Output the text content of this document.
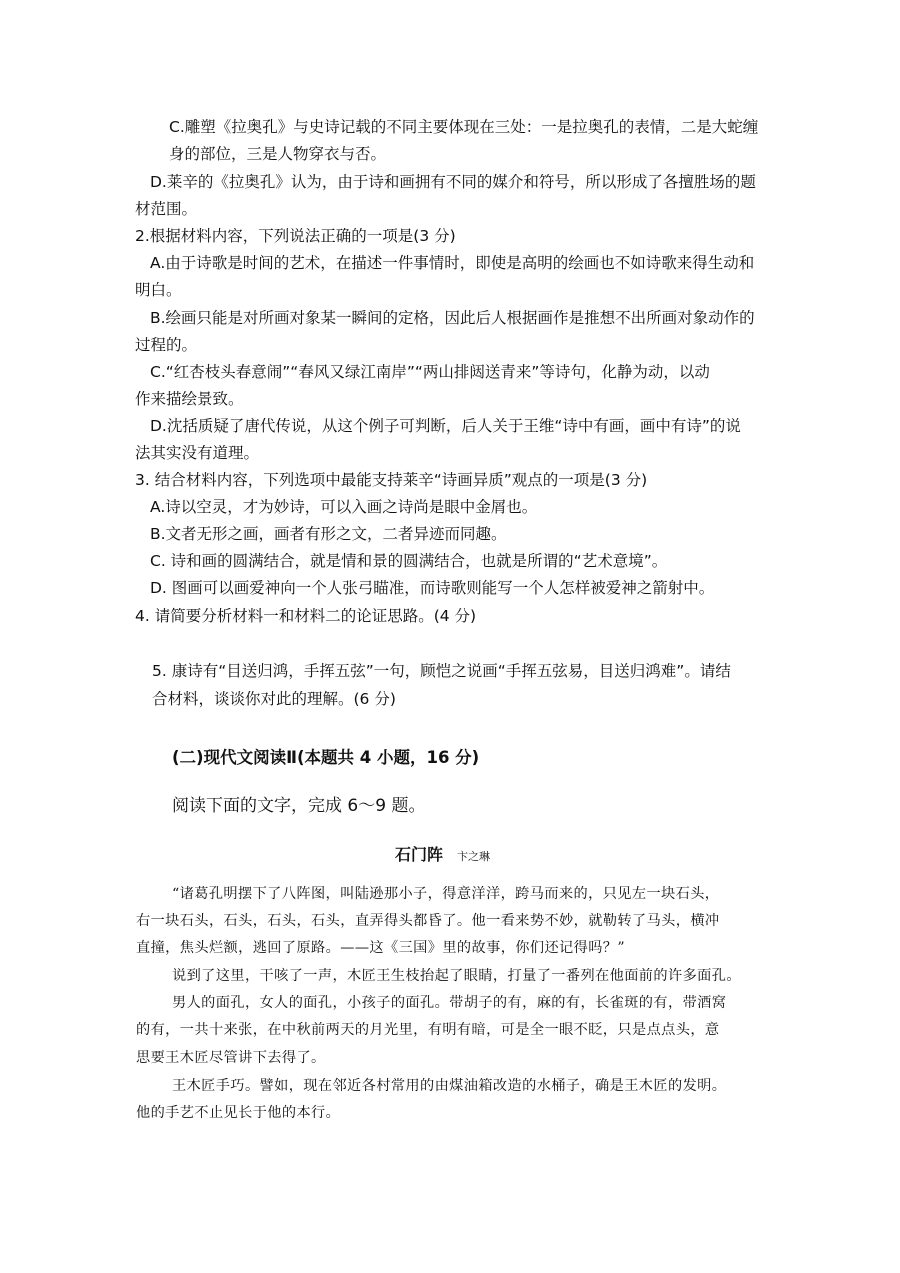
C.雕塑《拉奥孔》与史诗记载的不同主要体现在三处：一是拉奥孔的表情，二是大蛇缠
身的部位，三是人物穿衣与否。
D.莱辛的《拉奥孔》认为，由于诗和画拥有不同的媒介和符号，所以形成了各擅胜场的题
材范围。
2.根据材料内容，下列说法正确的一项是(3 分)
A.由于诗歌是时间的艺术，在描述一件事情时，即使是高明的绘画也不如诗歌来得生动和
明白。
B.绘画只能是对所画对象某一瞬间的定格，因此后人根据画作是推想不出所画对象动作的
过程的。
C.“红杏枝头春意闹”“春风又绿江南岸”“两山排闼送青来”等诗句，化静为动，以动
作来描绘景致。
D.沈括质疑了唐代传说，从这个例子可判断，后人关于王维“诗中有画，画中有诗”的说
法其实没有道理。
3. 结合材料内容，下列选项中最能支持莱辛“诗画异质”观点的一项是(3 分)
A.诗以空灵，才为妙诗，可以入画之诗尚是眼中金屑也。
B.文者无形之画，画者有形之文，二者异迹而同趣。
C. 诗和画的圆满结合，就是情和景的圆满结合，也就是所谓的“艺术意境”。
D. 图画可以画爱神向一个人张弓瞄准，而诗歌则能写一个人怎样被爱神之箭射中。
4. 请简要分析材料一和材料二的论证思路。(4 分)
5. 康诗有“目送归鸿，手挥五弦”一句，顾恺之说画“手挥五弦易，目送归鸿难”。请结
合材料，谈谈你对此的理解。(6 分)
(二)现代文阅读Ⅱ(本题共 4 小题，16 分)
阅读下面的文字，完成 6～9 题。
石门阵 卞之琳
“诸葛孔明摆下了八阵图，叫陆逊那小子，得意洋洋，跨马而来的，只见左一块石头，
右一块石头，石头，石头，石头，直弄得头都昏了。他一看来势不妙，就勒转了马头，横冲
直撞，焦头烂额，逃回了原路。——这《三国》里的故事，你们还记得吗？”
说到了这里，干咳了一声，木匠王生枝抬起了眼睛，打量了一番列在他面前的许多面孔。
男人的面孔，女人的面孔，小孩子的面孔。带胡子的有，麻的有，长雀斑的有，带酒窝
的有，一共十来张，在中秋前两天的月光里，有明有暗，可是全一眼不眨，只是点点头，意
思要王木匠尽管讲下去得了。
王木匠手巧。譬如，现在邻近各村常用的由煤油箱改造的水桶子，确是王木匠的发明。
他的手艺不止见长于他的本行。
